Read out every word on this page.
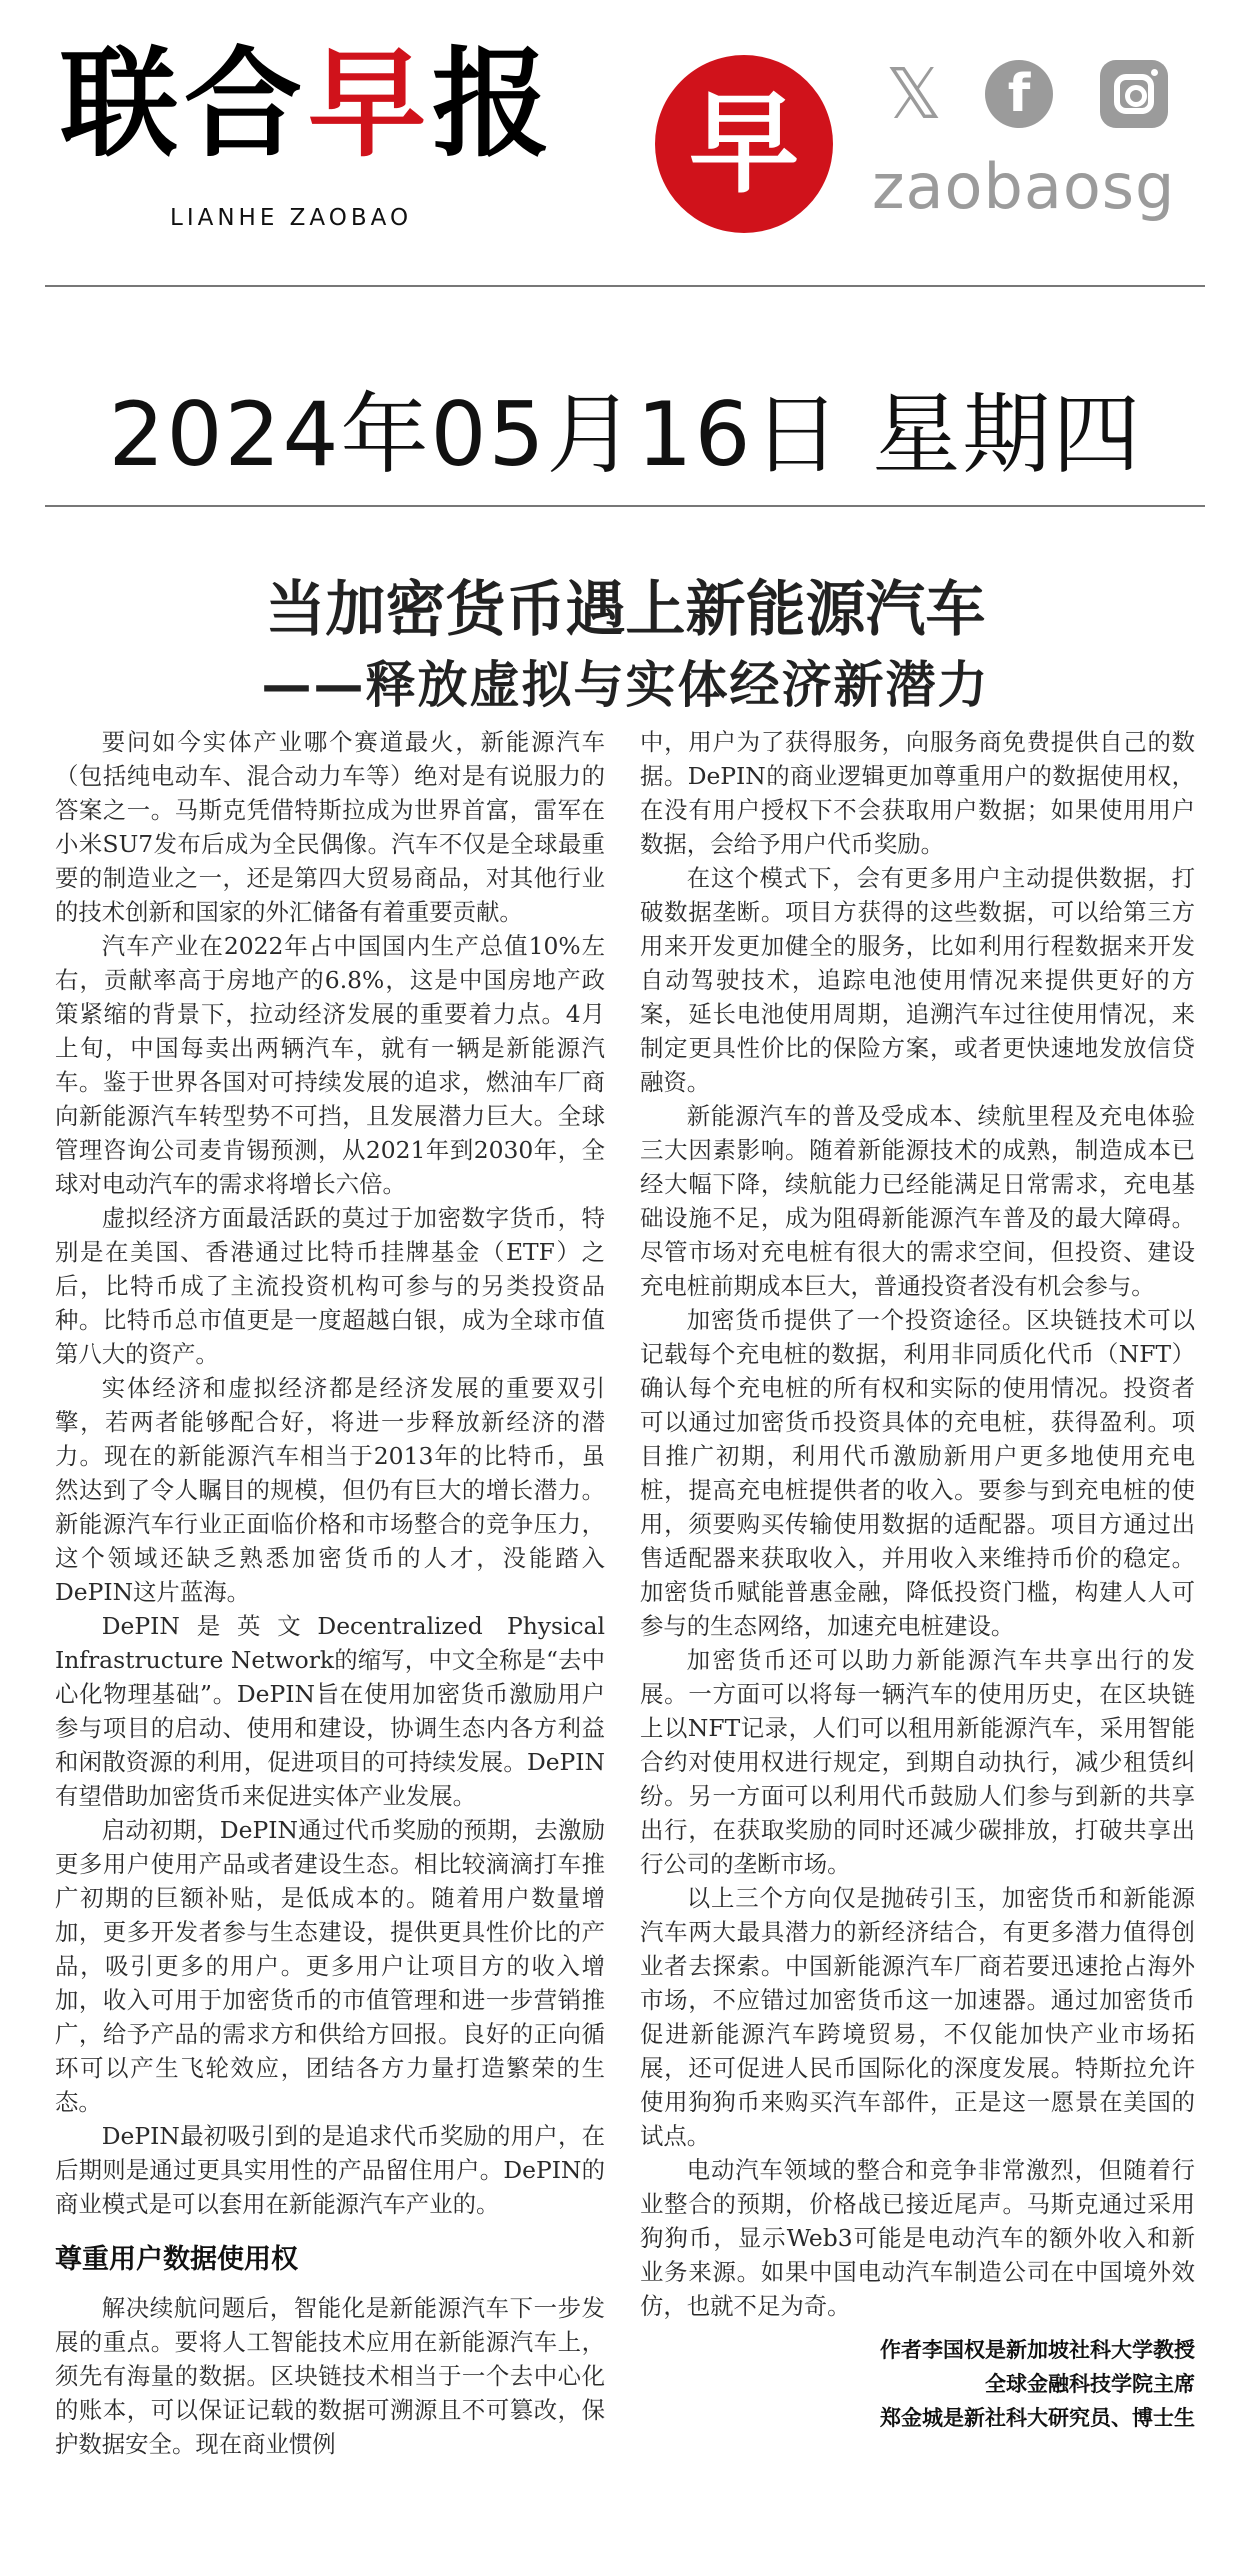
联合早报
LIANHE ZAOBAO
早	𝕏	f
zaobaosg
2024年05月16日 星期四
当加密货币遇上新能源汽车
——释放虚拟与实体经济新潜力

要问如今实体产业哪个赛道最火，新能源汽车（包括纯电动车、混合动力车等）绝对是有说服力的答案之一。马斯克凭借特斯拉成为世界首富，雷军在小米SU7发布后成为全民偶像。汽车不仅是全球最重要的制造业之一，还是第四大贸易商品，对其他行业的技术创新和国家的外汇储备有着重要贡献。

汽车产业在2022年占中国国内生产总值10%左右，贡献率高于房地产的6.8%，这是中国房地产政策紧缩的背景下，拉动经济发展的重要着力点。4月上旬，中国每卖出两辆汽车，就有一辆是新能源汽车。鉴于世界各国对可持续发展的追求，燃油车厂商向新能源汽车转型势不可挡，且发展潜力巨大。全球管理咨询公司麦肯锡预测，从2021年到2030年，全球对电动汽车的需求将增长六倍。

虚拟经济方面最活跃的莫过于加密数字货币，特别是在美国、香港通过比特币挂牌基金（ETF）之后，比特币成了主流投资机构可参与的另类投资品种。比特币总市值更是一度超越白银，成为全球市值第八大的资产。

实体经济和虚拟经济都是经济发展的重要双引擎，若两者能够配合好，将进一步释放新经济的潜力。现在的新能源汽车相当于2013年的比特币，虽然达到了令人瞩目的规模，但仍有巨大的增长潜力。新能源汽车行业正面临价格和市场整合的竞争压力，这个领域还缺乏熟悉加密货币的人才，没能踏入DePIN这片蓝海。

DePIN是英文Decentralized Physical Infrastructure Network的缩写，中文全称是“去中心化物理基础”。DePIN旨在使用加密货币激励用户参与项目的启动、使用和建设，协调生态内各方利益和闲散资源的利用，促进项目的可持续发展。DePIN有望借助加密货币来促进实体产业发展。

启动初期，DePIN通过代币奖励的预期，去激励更多用户使用产品或者建设生态。相比较滴滴打车推广初期的巨额补贴，是低成本的。随着用户数量增加，更多开发者参与生态建设，提供更具性价比的产品，吸引更多的用户。更多用户让项目方的收入增加，收入可用于加密货币的市值管理和进一步营销推广，给予产品的需求方和供给方回报。良好的正向循环可以产生飞轮效应，团结各方力量打造繁荣的生态。

DePIN最初吸引到的是追求代币奖励的用户，在后期则是通过更具实用性的产品留住用户。DePIN的商业模式是可以套用在新能源汽车产业的。

尊重用户数据使用权

解决续航问题后，智能化是新能源汽车下一步发展的重点。要将人工智能技术应用在新能源汽车上，须先有海量的数据。区块链技术相当于一个去中心化的账本，可以保证记载的数据可溯源且不可篡改，保护数据安全。现在商业惯例

中，用户为了获得服务，向服务商免费提供自己的数据。DePIN的商业逻辑更加尊重用户的数据使用权，在没有用户授权下不会获取用户数据；如果使用用户数据，会给予用户代币奖励。

在这个模式下，会有更多用户主动提供数据，打破数据垄断。项目方获得的这些数据，可以给第三方用来开发更加健全的服务，比如利用行程数据来开发自动驾驶技术，追踪电池使用情况来提供更好的方案，延长电池使用周期，追溯汽车过往使用情况，来制定更具性价比的保险方案，或者更快速地发放信贷融资。

新能源汽车的普及受成本、续航里程及充电体验三大因素影响。随着新能源技术的成熟，制造成本已经大幅下降，续航能力已经能满足日常需求，充电基础设施不足，成为阻碍新能源汽车普及的最大障碍。尽管市场对充电桩有很大的需求空间，但投资、建设充电桩前期成本巨大，普通投资者没有机会参与。

加密货币提供了一个投资途径。区块链技术可以记载每个充电桩的数据，利用非同质化代币（NFT）确认每个充电桩的所有权和实际的使用情况。投资者可以通过加密货币投资具体的充电桩，获得盈利。项目推广初期，利用代币激励新用户更多地使用充电桩，提高充电桩提供者的收入。要参与到充电桩的使用，须要购买传输使用数据的适配器。项目方通过出售适配器来获取收入，并用收入来维持币价的稳定。加密货币赋能普惠金融，降低投资门槛，构建人人可参与的生态网络，加速充电桩建设。

加密货币还可以助力新能源汽车共享出行的发展。一方面可以将每一辆汽车的使用历史，在区块链上以NFT记录，人们可以租用新能源汽车，采用智能合约对使用权进行规定，到期自动执行，减少租赁纠纷。另一方面可以利用代币鼓励人们参与到新的共享出行，在获取奖励的同时还减少碳排放，打破共享出行公司的垄断市场。

以上三个方向仅是抛砖引玉，加密货币和新能源汽车两大最具潜力的新经济结合，有更多潜力值得创业者去探索。中国新能源汽车厂商若要迅速抢占海外市场，不应错过加密货币这一加速器。通过加密货币促进新能源汽车跨境贸易，不仅能加快产业市场拓展，还可促进人民币国际化的深度发展。特斯拉允许使用狗狗币来购买汽车部件，正是这一愿景在美国的试点。

电动汽车领域的整合和竞争非常激烈，但随着行业整合的预期，价格战已接近尾声。马斯克通过采用狗狗币，显示Web3可能是电动汽车的额外收入和新业务来源。如果中国电动汽车制造公司在中国境外效仿，也就不足为奇。

作者李国权是新加坡社科大学教授
全球金融科技学院主席
郑金城是新社科大研究员、博士生
